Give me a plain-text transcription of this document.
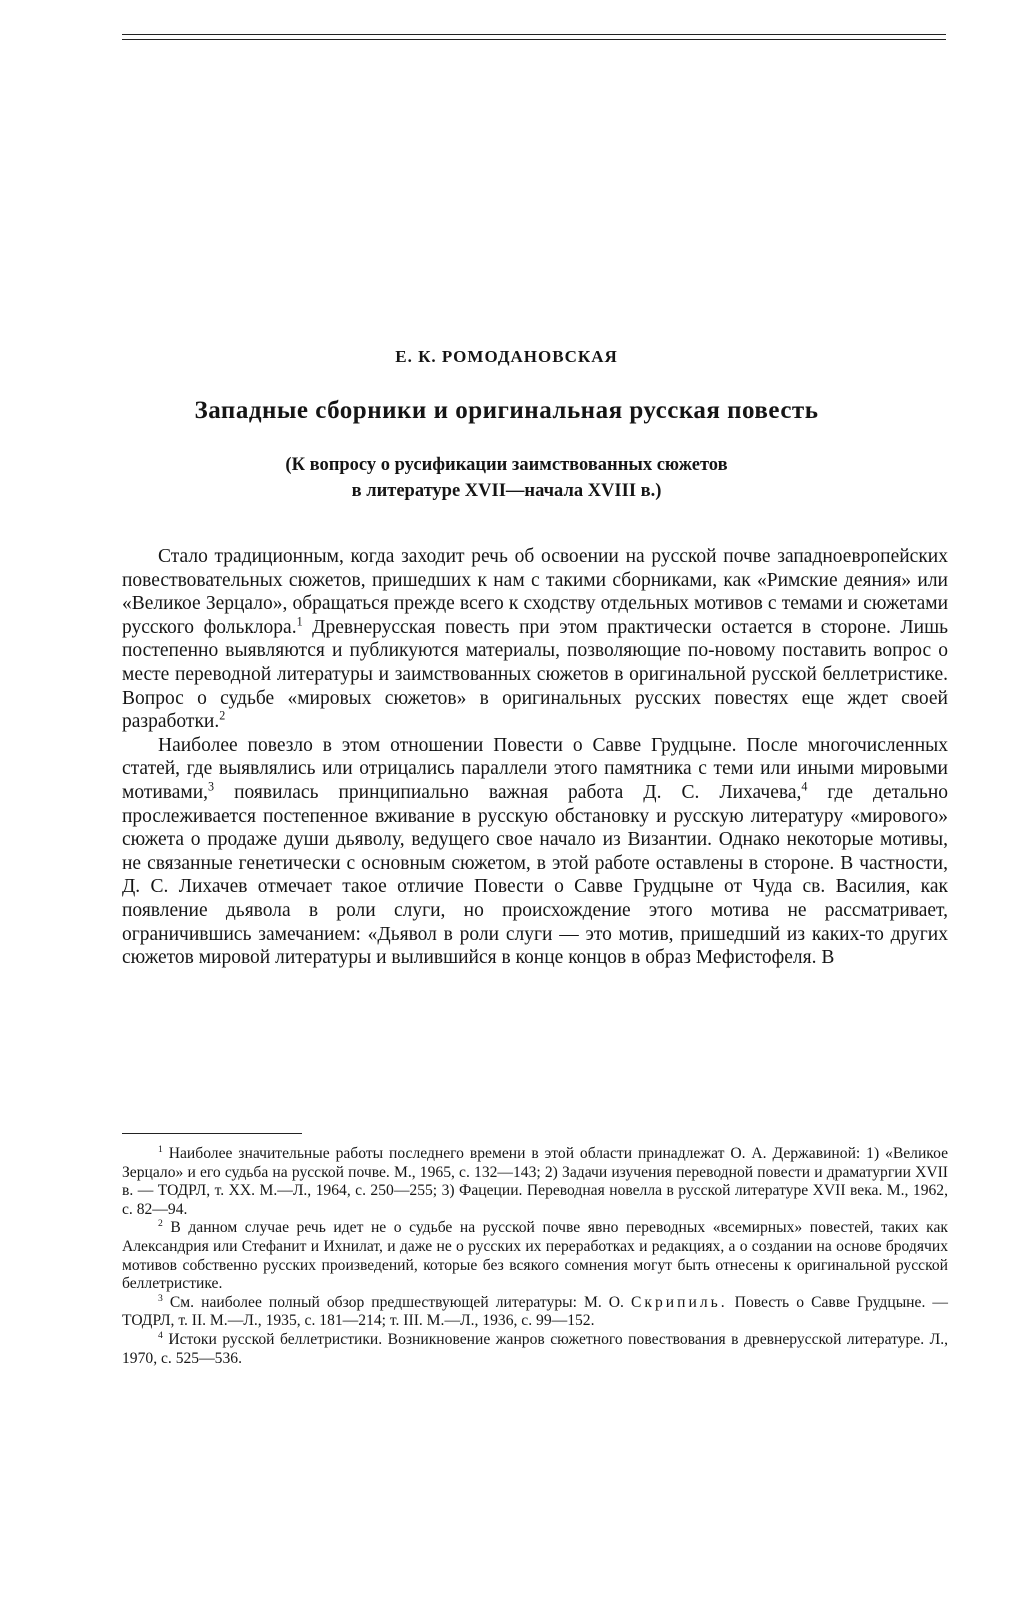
Е. К. РОМОДАНОВСКАЯ
Западные сборники и оригинальная русская повесть
(К вопросу о русификации заимствованных сюжетов
в литературе XVII—начала XVIII в.)

Стало традиционным, когда заходит речь об освоении на русской почве западноевропейских повествовательных сюжетов, пришедших к нам с такими сборниками, как «Римские деяния» или «Великое Зерцало», обращаться прежде всего к сходству отдельных мотивов с темами и сюжетами русского фольклора.$^1$ Древнерусская повесть при этом практически остается в стороне. Лишь постепенно выявляются и публикуются материалы, позволяющие по-новому поставить вопрос о месте переводной литературы и заимствованных сюжетов в оригинальной русской беллетристике. Вопрос о судьбе «мировых сюжетов» в оригинальных русских повестях еще ждет своей разработки.$^2$

Наиболее повезло в этом отношении Повести о Савве Грудцыне. После многочисленных статей, где выявлялись или отрицались параллели этого памятника с теми или иными мировыми мотивами,$^3$ появилась принципиально важная работа Д. С. Лихачева,$^4$ где детально прослеживается постепенное вживание в русскую обстановку и русскую литературу «мирового» сюжета о продаже души дьяволу, ведущего свое начало из Византии. Однако некоторые мотивы, не связанные генетически с основным сюжетом, в этой работе оставлены в стороне. В частности, Д. С. Лихачев отмечает такое отличие Повести о Савве Грудцыне от Чуда св. Василия, как появление дьявола в роли слуги, но происхождение этого мотива не рассматривает, ограничившись замечанием: «Дьявол в роли слуги — это мотив, пришедший из каких-то других сюжетов мировой литературы и вылившийся в конце концов в образ Мефистофеля. В

$^1$ Наиболее значительные работы последнего времени в этой области принадлежат О. А. Державиной: 1) «Великое Зерцало» и его судьба на русской почве. М., 1965, с. 132—143; 2) Задачи изучения переводной повести и драматургии XVII в. — ТОДРЛ, т. XX. М.—Л., 1964, с. 250—255; 3) Фацеции. Переводная новелла в русской литературе XVII века. М., 1962, с. 82—94.

$^2$ В данном случае речь идет не о судьбе на русской почве явно переводных «всемирных» повестей, таких как Александрия или Стефанит и Ихнилат, и даже не о русских их переработках и редакциях, а о создании на основе бродячих мотивов собственно русских произведений, которые без всякого сомнения могут быть отнесены к оригинальной русской беллетристике.

$^3$ См. наиболее полный обзор предшествующей литературы: М. О. Скрипиль. Повесть о Савве Грудцыне. — ТОДРЛ, т. II. М.—Л., 1935, с. 181—214; т. III. М.—Л., 1936, с. 99—152.

$^4$ Истоки русской беллетристики. Возникновение жанров сюжетного повествования в древнерусской литературе. Л., 1970, с. 525—536.
